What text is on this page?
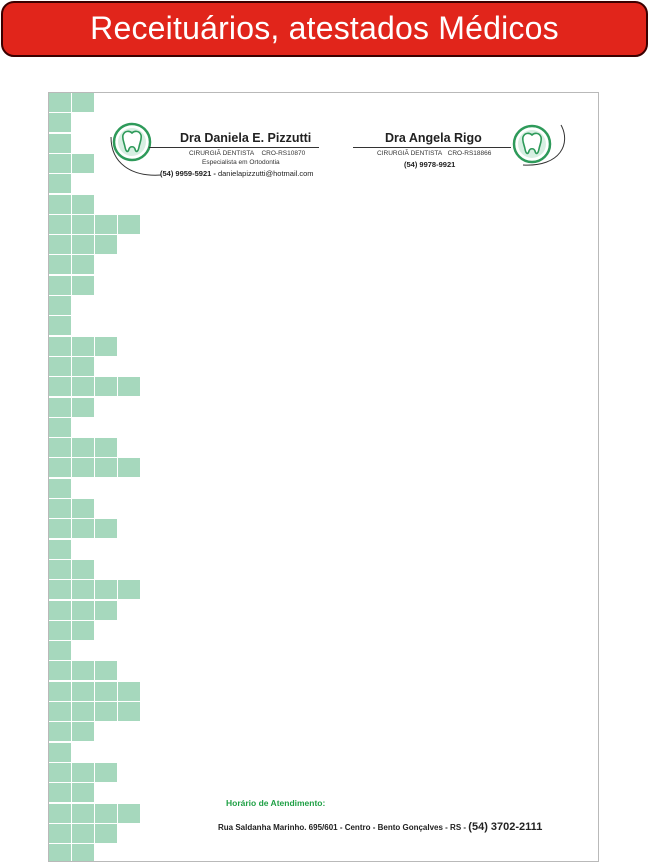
Receituários, atestados Médicos
Dra Daniela E. Pizzutti
CIRURGIÃ DENTISTA CRO-RS10870
Especialista em Ortodontia
(54) 9959-5921 - danielapizzutti@hotmail.com
Dra Angela Rigo
CIRURGIÃ DENTISTA CRO-RS18866
(54) 9978-9921
Horário de Atendimento:
Rua Saldanha Marinho. 695/601 - Centro - Bento Gonçalves - RS - (54) 3702-2111
